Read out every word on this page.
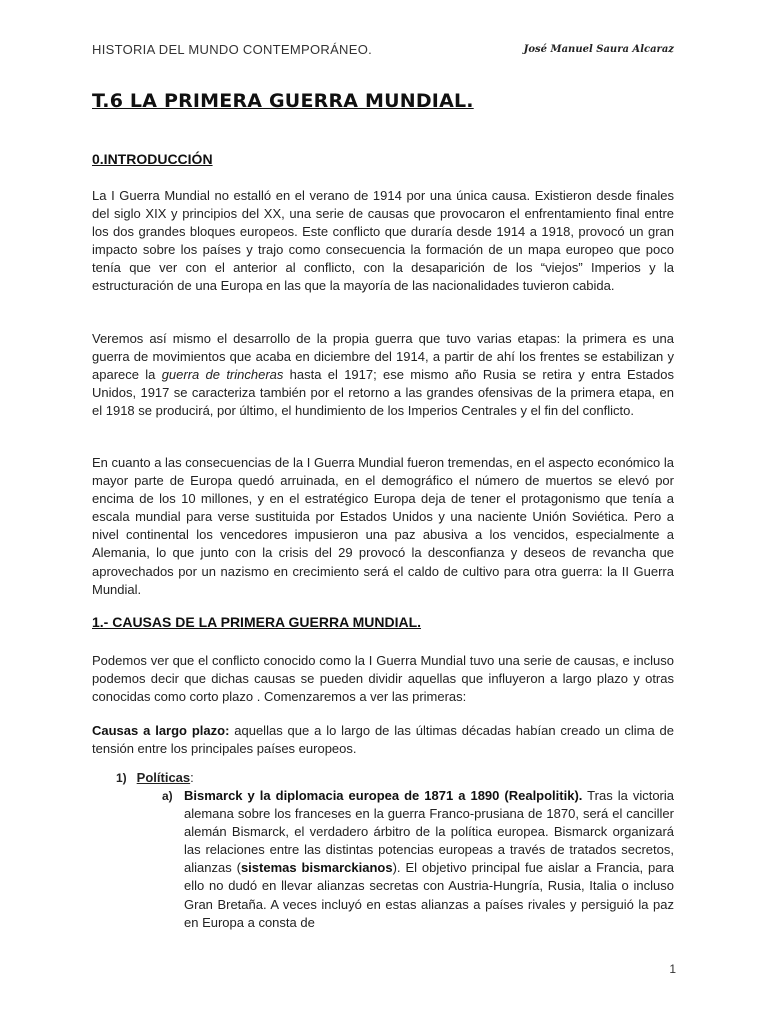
HISTORIA DEL MUNDO CONTEMPORÁNEO.	José Manuel Saura Alcaraz
T.6 LA PRIMERA GUERRA MUNDIAL.
0.INTRODUCCIÓN

La I Guerra Mundial no estalló en el verano de 1914 por una única causa. Existieron desde finales del siglo XIX y principios del XX, una serie de causas que provocaron el enfrentamiento final entre los dos grandes bloques europeos. Este conflicto que duraría desde 1914 a 1918, provocó un gran impacto sobre los países y trajo como consecuencia la formación de un mapa europeo que poco tenía que ver con el anterior al conflicto, con la desaparición de los “viejos” Imperios y la estructuración de una Europa en las que la mayoría de las nacionalidades tuvieron cabida.

Veremos así mismo el desarrollo de la propia guerra que tuvo varias etapas: la primera es una guerra de movimientos que acaba en diciembre del 1914, a partir de ahí los frentes se estabilizan y aparece la guerra de trincheras hasta el 1917; ese mismo año Rusia se retira y entra Estados Unidos, 1917 se caracteriza también por el retorno a las grandes ofensivas de la primera etapa, en el 1918 se producirá, por último, el hundimiento de los Imperios Centrales y el fin del conflicto.

En cuanto a las consecuencias de la I Guerra Mundial fueron tremendas, en el aspecto económico la mayor parte de Europa quedó arruinada, en el demográfico el número de muertos se elevó por encima de los 10 millones, y en el estratégico Europa deja de tener el protagonismo que tenía a escala mundial para verse sustituida por Estados Unidos y una naciente Unión Soviética. Pero a nivel continental los vencedores impusieron una paz abusiva a los vencidos, especialmente a Alemania, lo que junto con la crisis del 29 provocó la desconfianza y deseos de revancha que aprovechados por un nazismo en crecimiento será el caldo de cultivo para otra guerra: la II Guerra Mundial.

1.- CAUSAS DE LA PRIMERA GUERRA MUNDIAL.

Podemos ver que el conflicto conocido como la I Guerra Mundial tuvo una serie de causas, e incluso podemos decir que dichas causas se pueden dividir aquellas que influyeron a largo plazo y otras conocidas como corto plazo . Comenzaremos a ver las primeras:

Causas a largo plazo: aquellas que a lo largo de las últimas décadas habían creado un clima de tensión entre los principales países europeos.

1) Políticas:
a) Bismarck y la diplomacia europea de 1871 a 1890 (Realpolitik). Tras la victoria alemana sobre los franceses en la guerra Franco-prusiana de 1870, será el canciller alemán Bismarck, el verdadero árbitro de la política europea. Bismarck organizará las relaciones entre las distintas potencias europeas a través de tratados secretos, alianzas (sistemas bismarckianos). El objetivo principal fue aislar a Francia, para ello no dudó en llevar alianzas secretas con Austria-Hungría, Rusia, Italia o incluso Gran Bretaña. A veces incluyó en estas alianzas a países rivales y persiguió la paz en Europa a consta de

1
